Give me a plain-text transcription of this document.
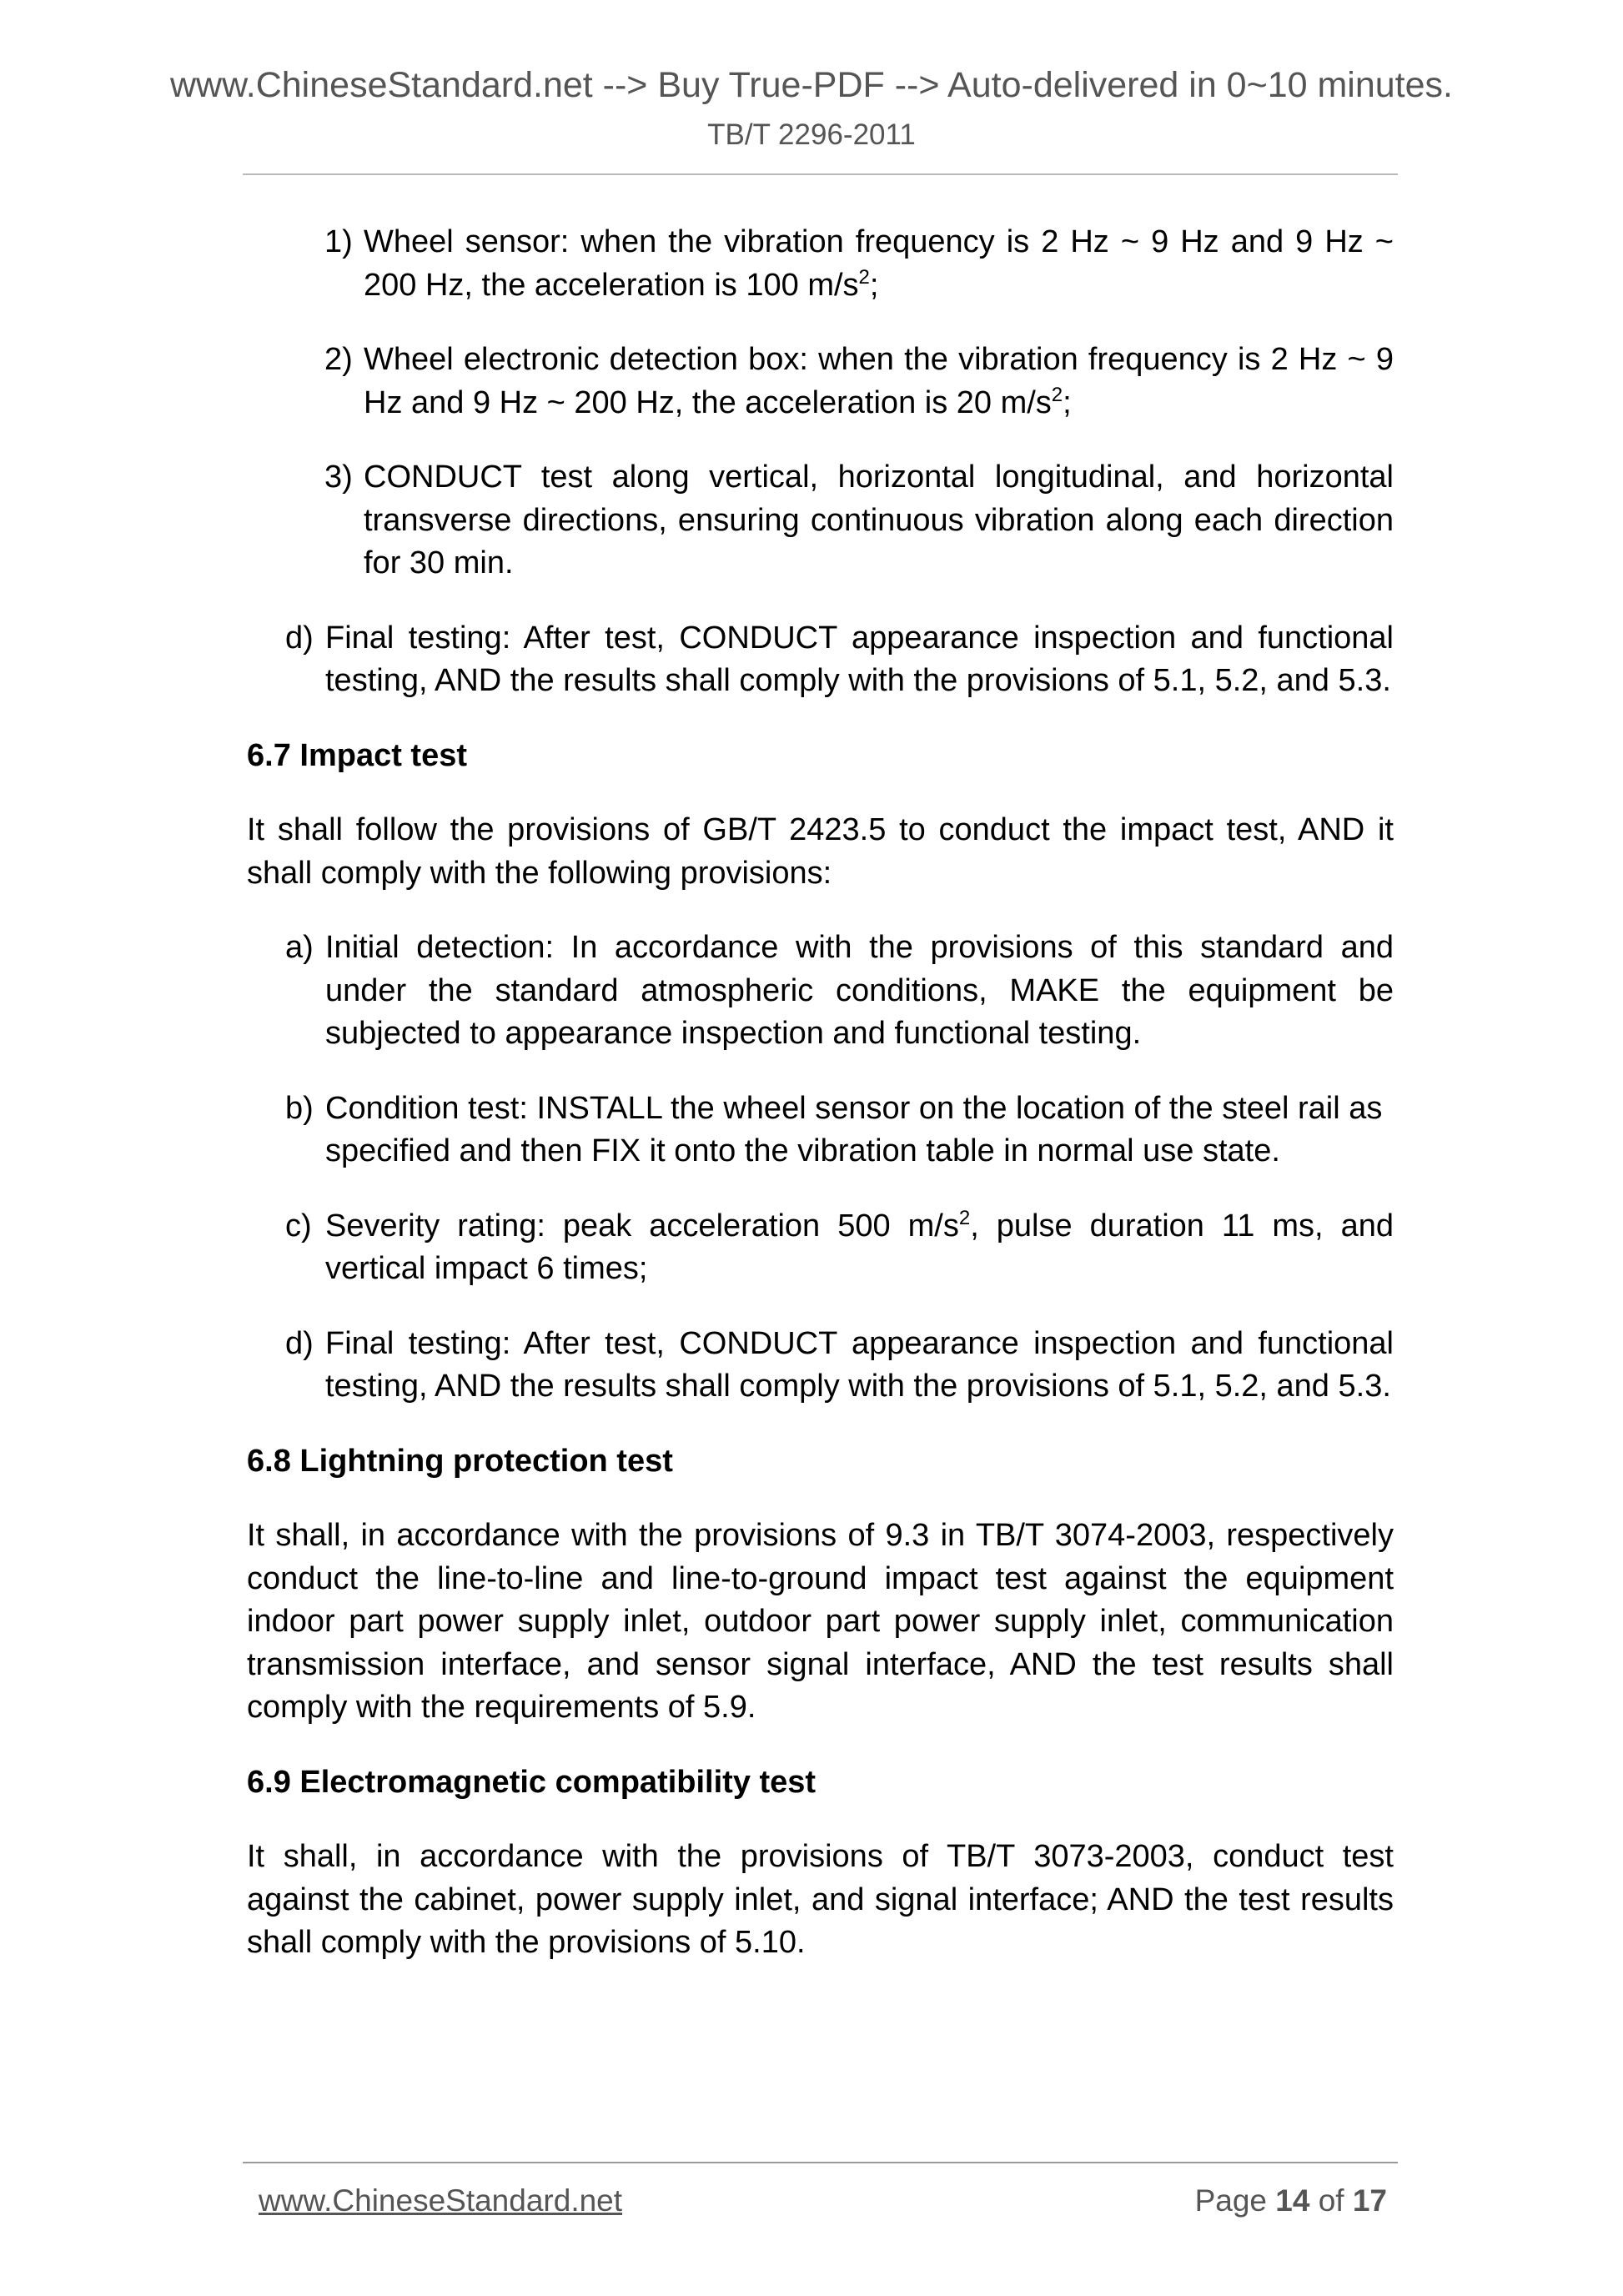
www.ChineseStandard.net --> Buy True-PDF --> Auto-delivered in 0~10 minutes.
TB/T 2296-2011
1) Wheel sensor: when the vibration frequency is 2 Hz ~ 9 Hz and 9 Hz ~ 200 Hz, the acceleration is 100 $m/s^2$;
2) Wheel electronic detection box: when the vibration frequency is 2 Hz ~ 9 Hz and 9 Hz ~ 200 Hz, the acceleration is 20 $m/s^2$;
3) CONDUCT test along vertical, horizontal longitudinal, and horizontal transverse directions, ensuring continuous vibration along each direction for 30 min.
d) Final testing: After test, CONDUCT appearance inspection and functional testing, AND the results shall comply with the provisions of 5.1, 5.2, and 5.3.

6.7 Impact test

It shall follow the provisions of GB/T 2423.5 to conduct the impact test, AND it shall comply with the following provisions:

a) Initial detection: In accordance with the provisions of this standard and under the standard atmospheric conditions, MAKE the equipment be subjected to appearance inspection and functional testing.
b) Condition test: INSTALL the wheel sensor on the location of the steel rail as specified and then FIX it onto the vibration table in normal use state.
c) Severity rating: peak acceleration 500 $m/s^2$, pulse duration 11 ms, and vertical impact 6 times;
d) Final testing: After test, CONDUCT appearance inspection and functional testing, AND the results shall comply with the provisions of 5.1, 5.2, and 5.3.

6.8 Lightning protection test

It shall, in accordance with the provisions of 9.3 in TB/T 3074-2003, respectively conduct the line-to-line and line-to-ground impact test against the equipment indoor part power supply inlet, outdoor part power supply inlet, communication transmission interface, and sensor signal interface, AND the test results shall comply with the requirements of 5.9.

6.9 Electromagnetic compatibility test

It shall, in accordance with the provisions of TB/T 3073-2003, conduct test against the cabinet, power supply inlet, and signal interface; AND the test results shall comply with the provisions of 5.10.

www.ChineseStandard.net	Page 14 of 17
